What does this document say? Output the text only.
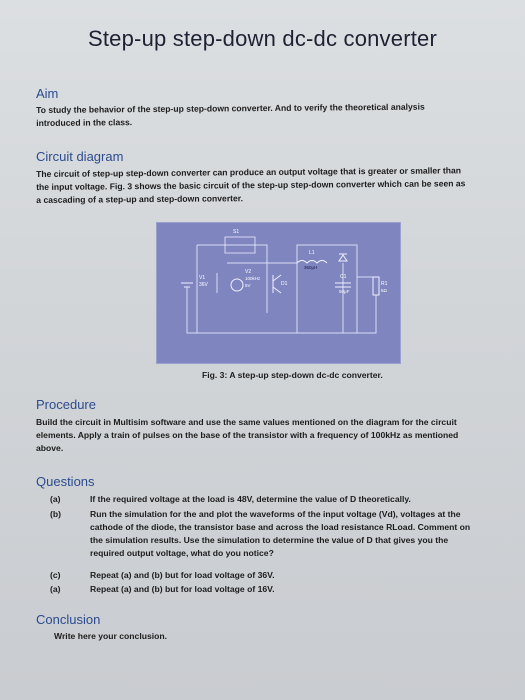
Step-up step-down dc-dc converter
Aim
To study the behavior of the step-up step-down converter. And to verify the theoretical analysis
introduced in the class.
Circuit diagram
The circuit of step-up step-down converter can produce an output voltage that is greater or smaller than
the input voltage. Fig. 3 shows the basic circuit of the step-up step-down converter which can be seen as
a cascading of a step-up and step-down converter.
S1
V1
36V
V2
100kHz
5V
L1
360μH
D1
C1
50μF
R1
5Ω
Fig. 3: A step-up step-down dc-dc converter.
Procedure
Build the circuit in Multisim software and use the same values mentioned on the diagram for the circuit
elements. Apply a train of pulses on the base of the transistor with a frequency of 100kHz as mentioned
above.
Questions
(a)	If the required voltage at the load is 48V, determine the value of D theoretically.
(b)	Run the simulation for the and plot the waveforms of the input voltage (Vd), voltages at the
cathode of the diode, the transistor base and across the load resistance RLoad. Comment on
the simulation results. Use the simulation to determine the value of D that gives you the
required output voltage, what do you notice?
(c)	Repeat (a) and (b) but for load voltage of 36V.
(a)	Repeat (a) and (b) but for load voltage of 16V.
Conclusion
Write here your conclusion.
